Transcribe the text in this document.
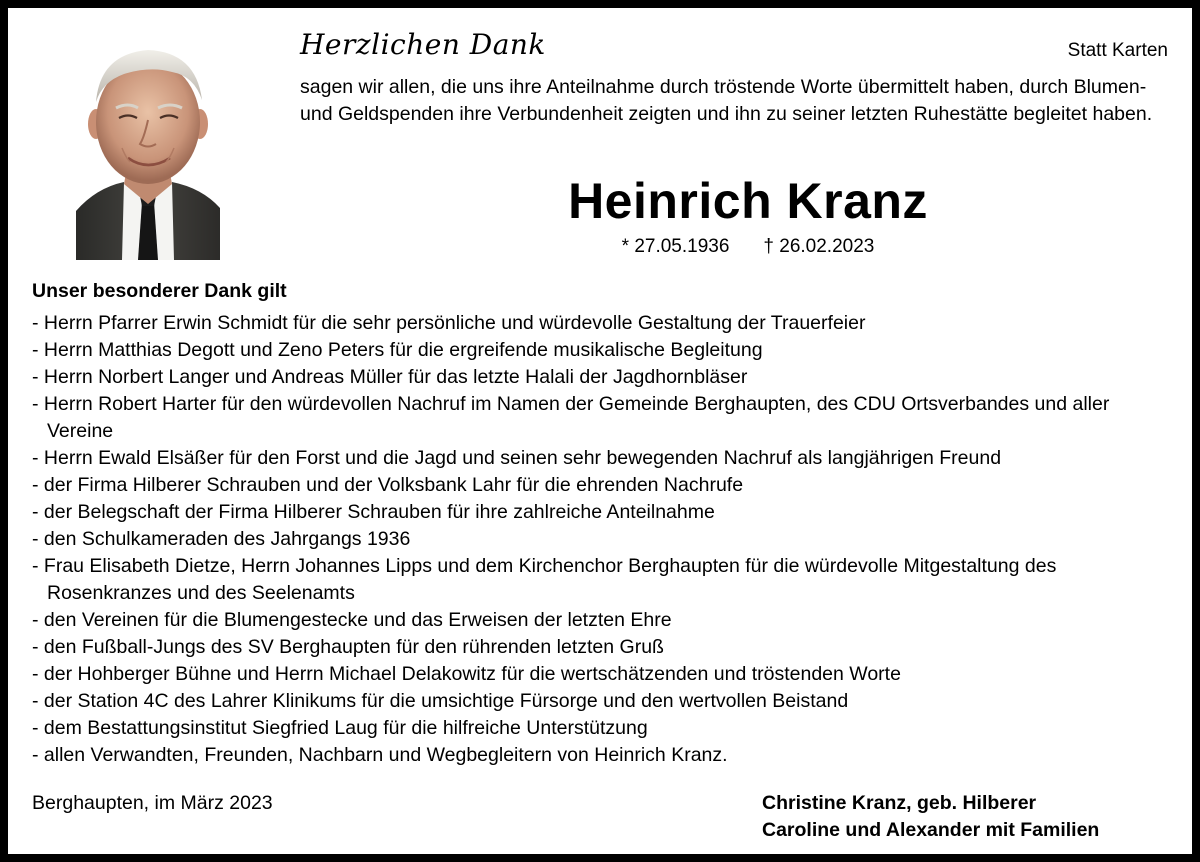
Herzlichen Dank	Statt Karten

sagen wir allen, die uns ihre Anteilnahme durch tröstende Worte übermittelt haben, durch Blumen- und Geldspenden ihre Verbundenheit zeigten und ihn zu seiner letzten Ruhestätte begleitet haben.

Heinrich Kranz
* 27.05.1936 † 26.02.2023
Unser besonderer Dank gilt
- Herrn Pfarrer Erwin Schmidt für die sehr persönliche und würdevolle Gestaltung der Trauerfeier
- Herrn Matthias Degott und Zeno Peters für die ergreifende musikalische Begleitung
- Herrn Norbert Langer und Andreas Müller für das letzte Halali der Jagdhornbläser
- Herrn Robert Harter für den würdevollen Nachruf im Namen der Gemeinde Berghaupten, des CDU Ortsverbandes und aller Vereine
- Herrn Ewald Elsäßer für den Forst und die Jagd und seinen sehr bewegenden Nachruf als langjährigen Freund
- der Firma Hilberer Schrauben und der Volksbank Lahr für die ehrenden Nachrufe
- der Belegschaft der Firma Hilberer Schrauben für ihre zahlreiche Anteilnahme
- den Schulkameraden des Jahrgangs 1936
- Frau Elisabeth Dietze, Herrn Johannes Lipps und dem Kirchenchor Berghaupten für die würdevolle Mitgestaltung des Rosenkranzes und des Seelenamts
- den Vereinen für die Blumengestecke und das Erweisen der letzten Ehre
- den Fußball-Jungs des SV Berghaupten für den rührenden letzten Gruß
- der Hohberger Bühne und Herrn Michael Delakowitz für die wertschätzenden und tröstenden Worte
- der Station 4C des Lahrer Klinikums für die umsichtige Fürsorge und den wertvollen Beistand
- dem Bestattungsinstitut Siegfried Laug für die hilfreiche Unterstützung
- allen Verwandten, Freunden, Nachbarn und Wegbegleitern von Heinrich Kranz.
Berghaupten, im März 2023	Christine Kranz, geb. Hilberer
Caroline und Alexander mit Familien
